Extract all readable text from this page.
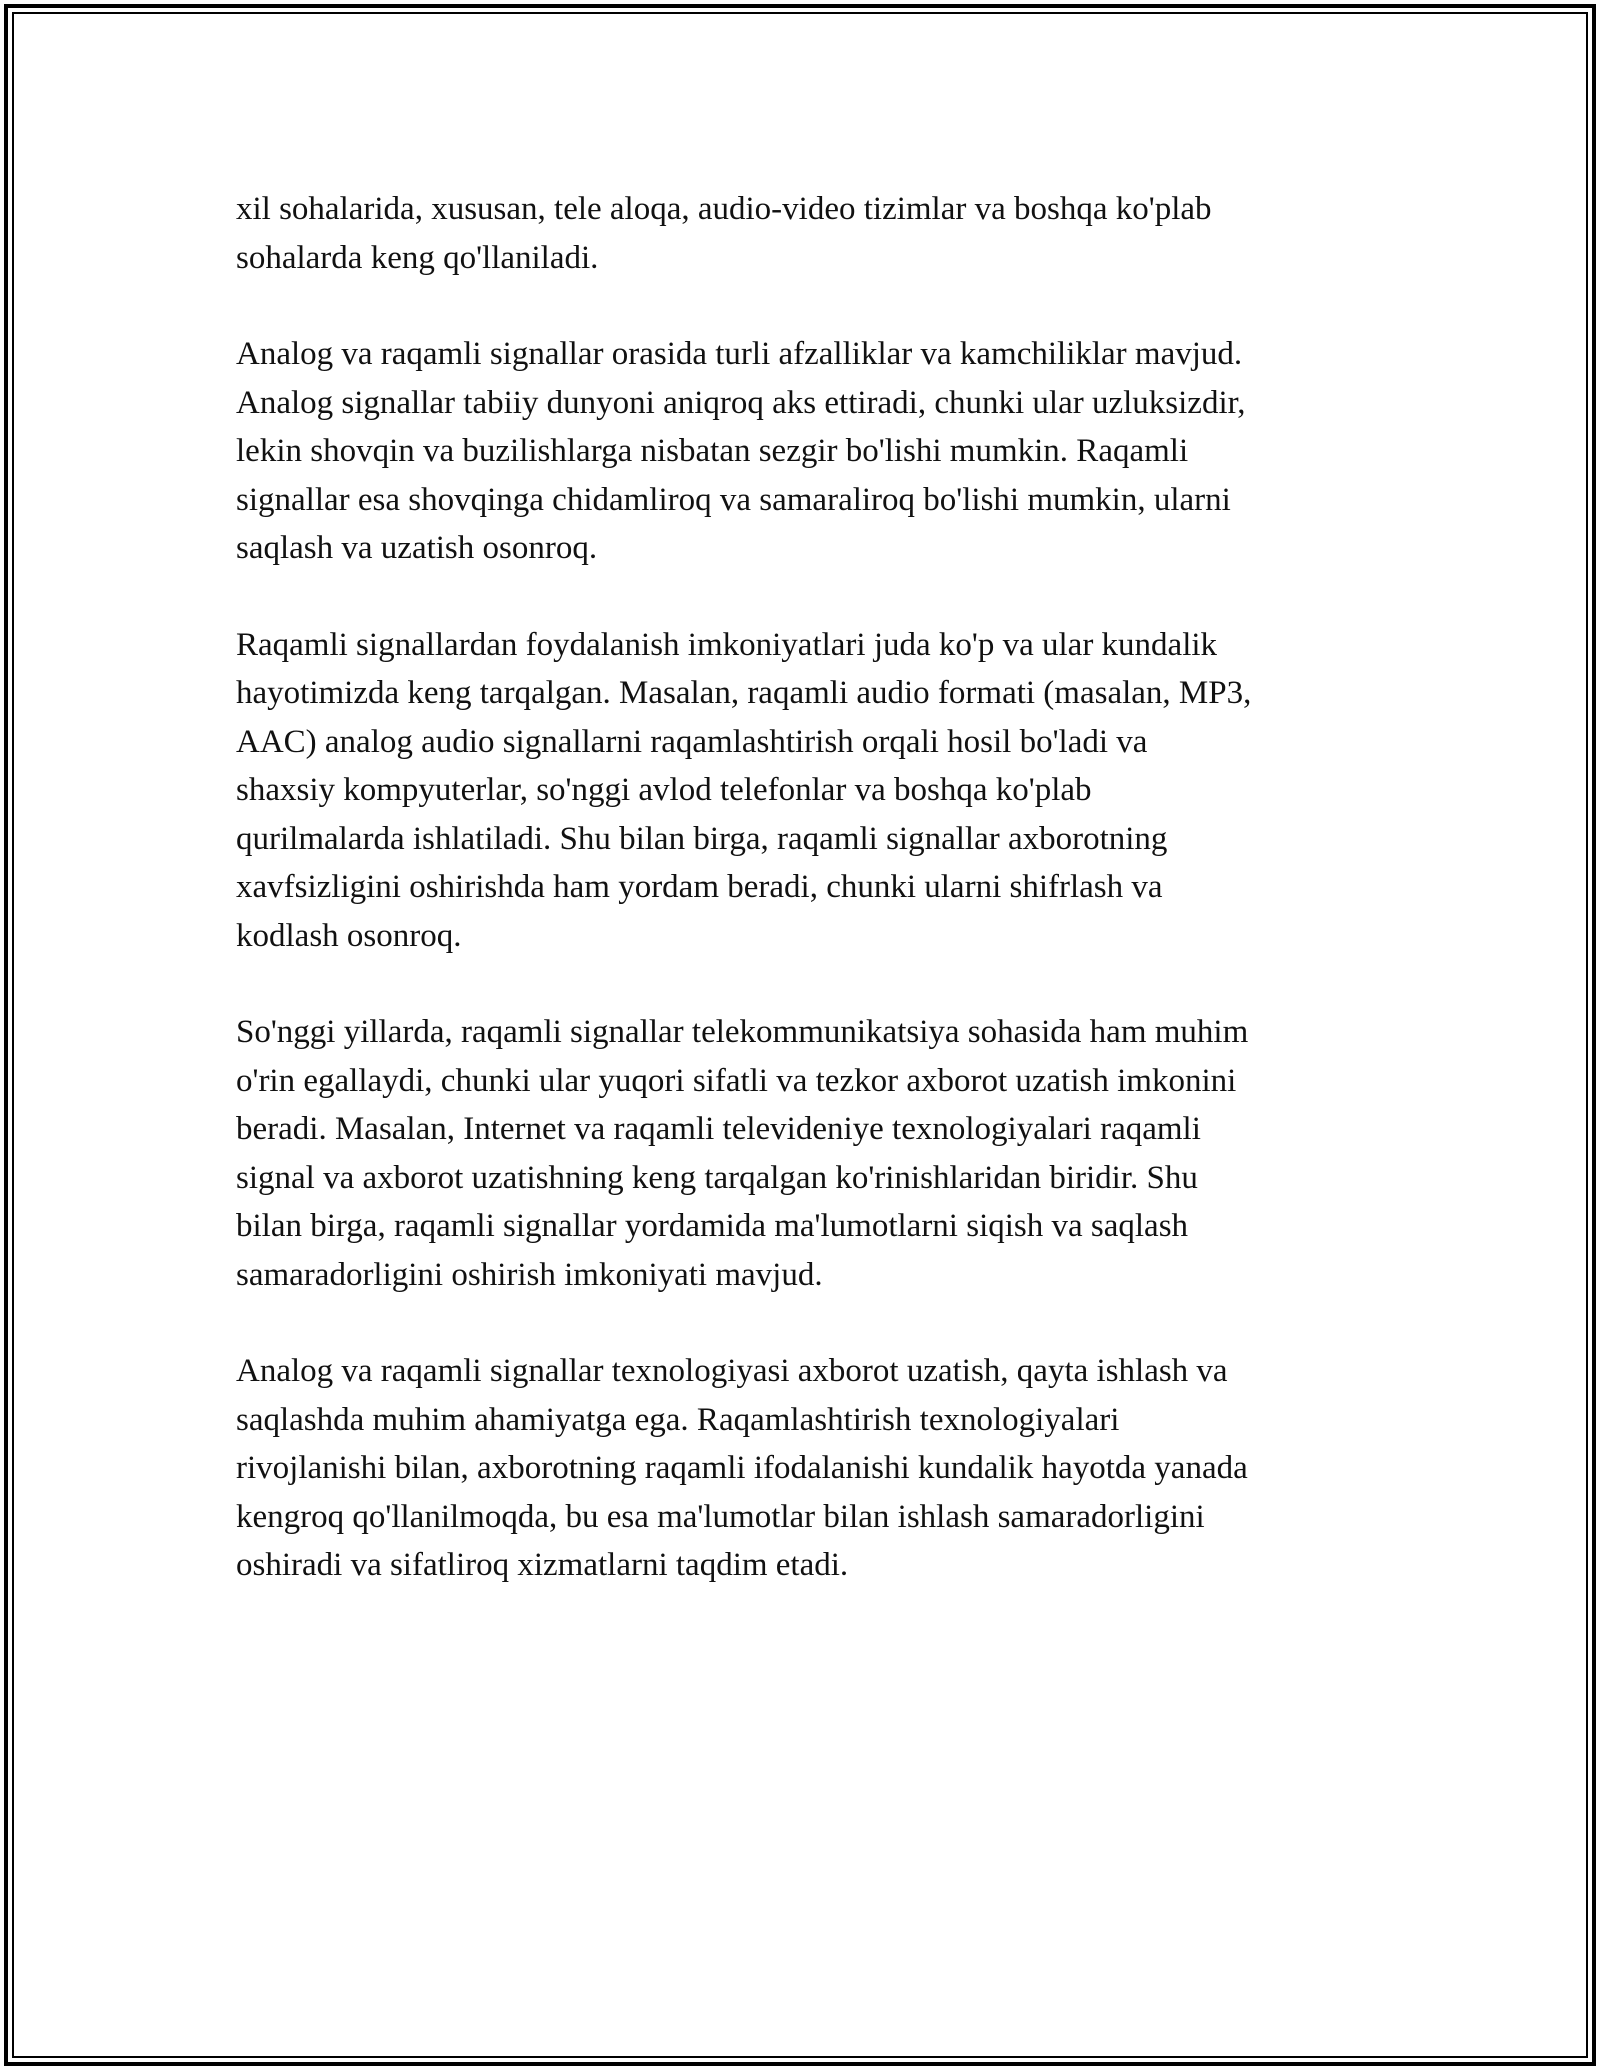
xil sohalarida, xususan, tele aloqa, audio-video tizimlar va boshqa ko'plab
sohalarda keng qo'llaniladi.

Analog va raqamli signallar orasida turli afzalliklar va kamchiliklar mavjud.
Analog signallar tabiiy dunyoni aniqroq aks ettiradi, chunki ular uzluksizdir,
lekin shovqin va buzilishlarga nisbatan sezgir bo'lishi mumkin. Raqamli
signallar esa shovqinga chidamliroq va samaraliroq bo'lishi mumkin, ularni
saqlash va uzatish osonroq.

Raqamli signallardan foydalanish imkoniyatlari juda ko'p va ular kundalik
hayotimizda keng tarqalgan. Masalan, raqamli audio formati (masalan, MP3,
AAC) analog audio signallarni raqamlashtirish orqali hosil bo'ladi va
shaxsiy kompyuterlar, so'nggi avlod telefonlar va boshqa ko'plab
qurilmalarda ishlatiladi. Shu bilan birga, raqamli signallar axborotning
xavfsizligini oshirishda ham yordam beradi, chunki ularni shifrlash va
kodlash osonroq.

So'nggi yillarda, raqamli signallar telekommunikatsiya sohasida ham muhim
o'rin egallaydi, chunki ular yuqori sifatli va tezkor axborot uzatish imkonini
beradi. Masalan, Internet va raqamli televideniye texnologiyalari raqamli
signal va axborot uzatishning keng tarqalgan ko'rinishlaridan biridir. Shu
bilan birga, raqamli signallar yordamida ma'lumotlarni siqish va saqlash
samaradorligini oshirish imkoniyati mavjud.

Analog va raqamli signallar texnologiyasi axborot uzatish, qayta ishlash va
saqlashda muhim ahamiyatga ega. Raqamlashtirish texnologiyalari
rivojlanishi bilan, axborotning raqamli ifodalanishi kundalik hayotda yanada
kengroq qo'llanilmoqda, bu esa ma'lumotlar bilan ishlash samaradorligini
oshiradi va sifatliroq xizmatlarni taqdim etadi.
